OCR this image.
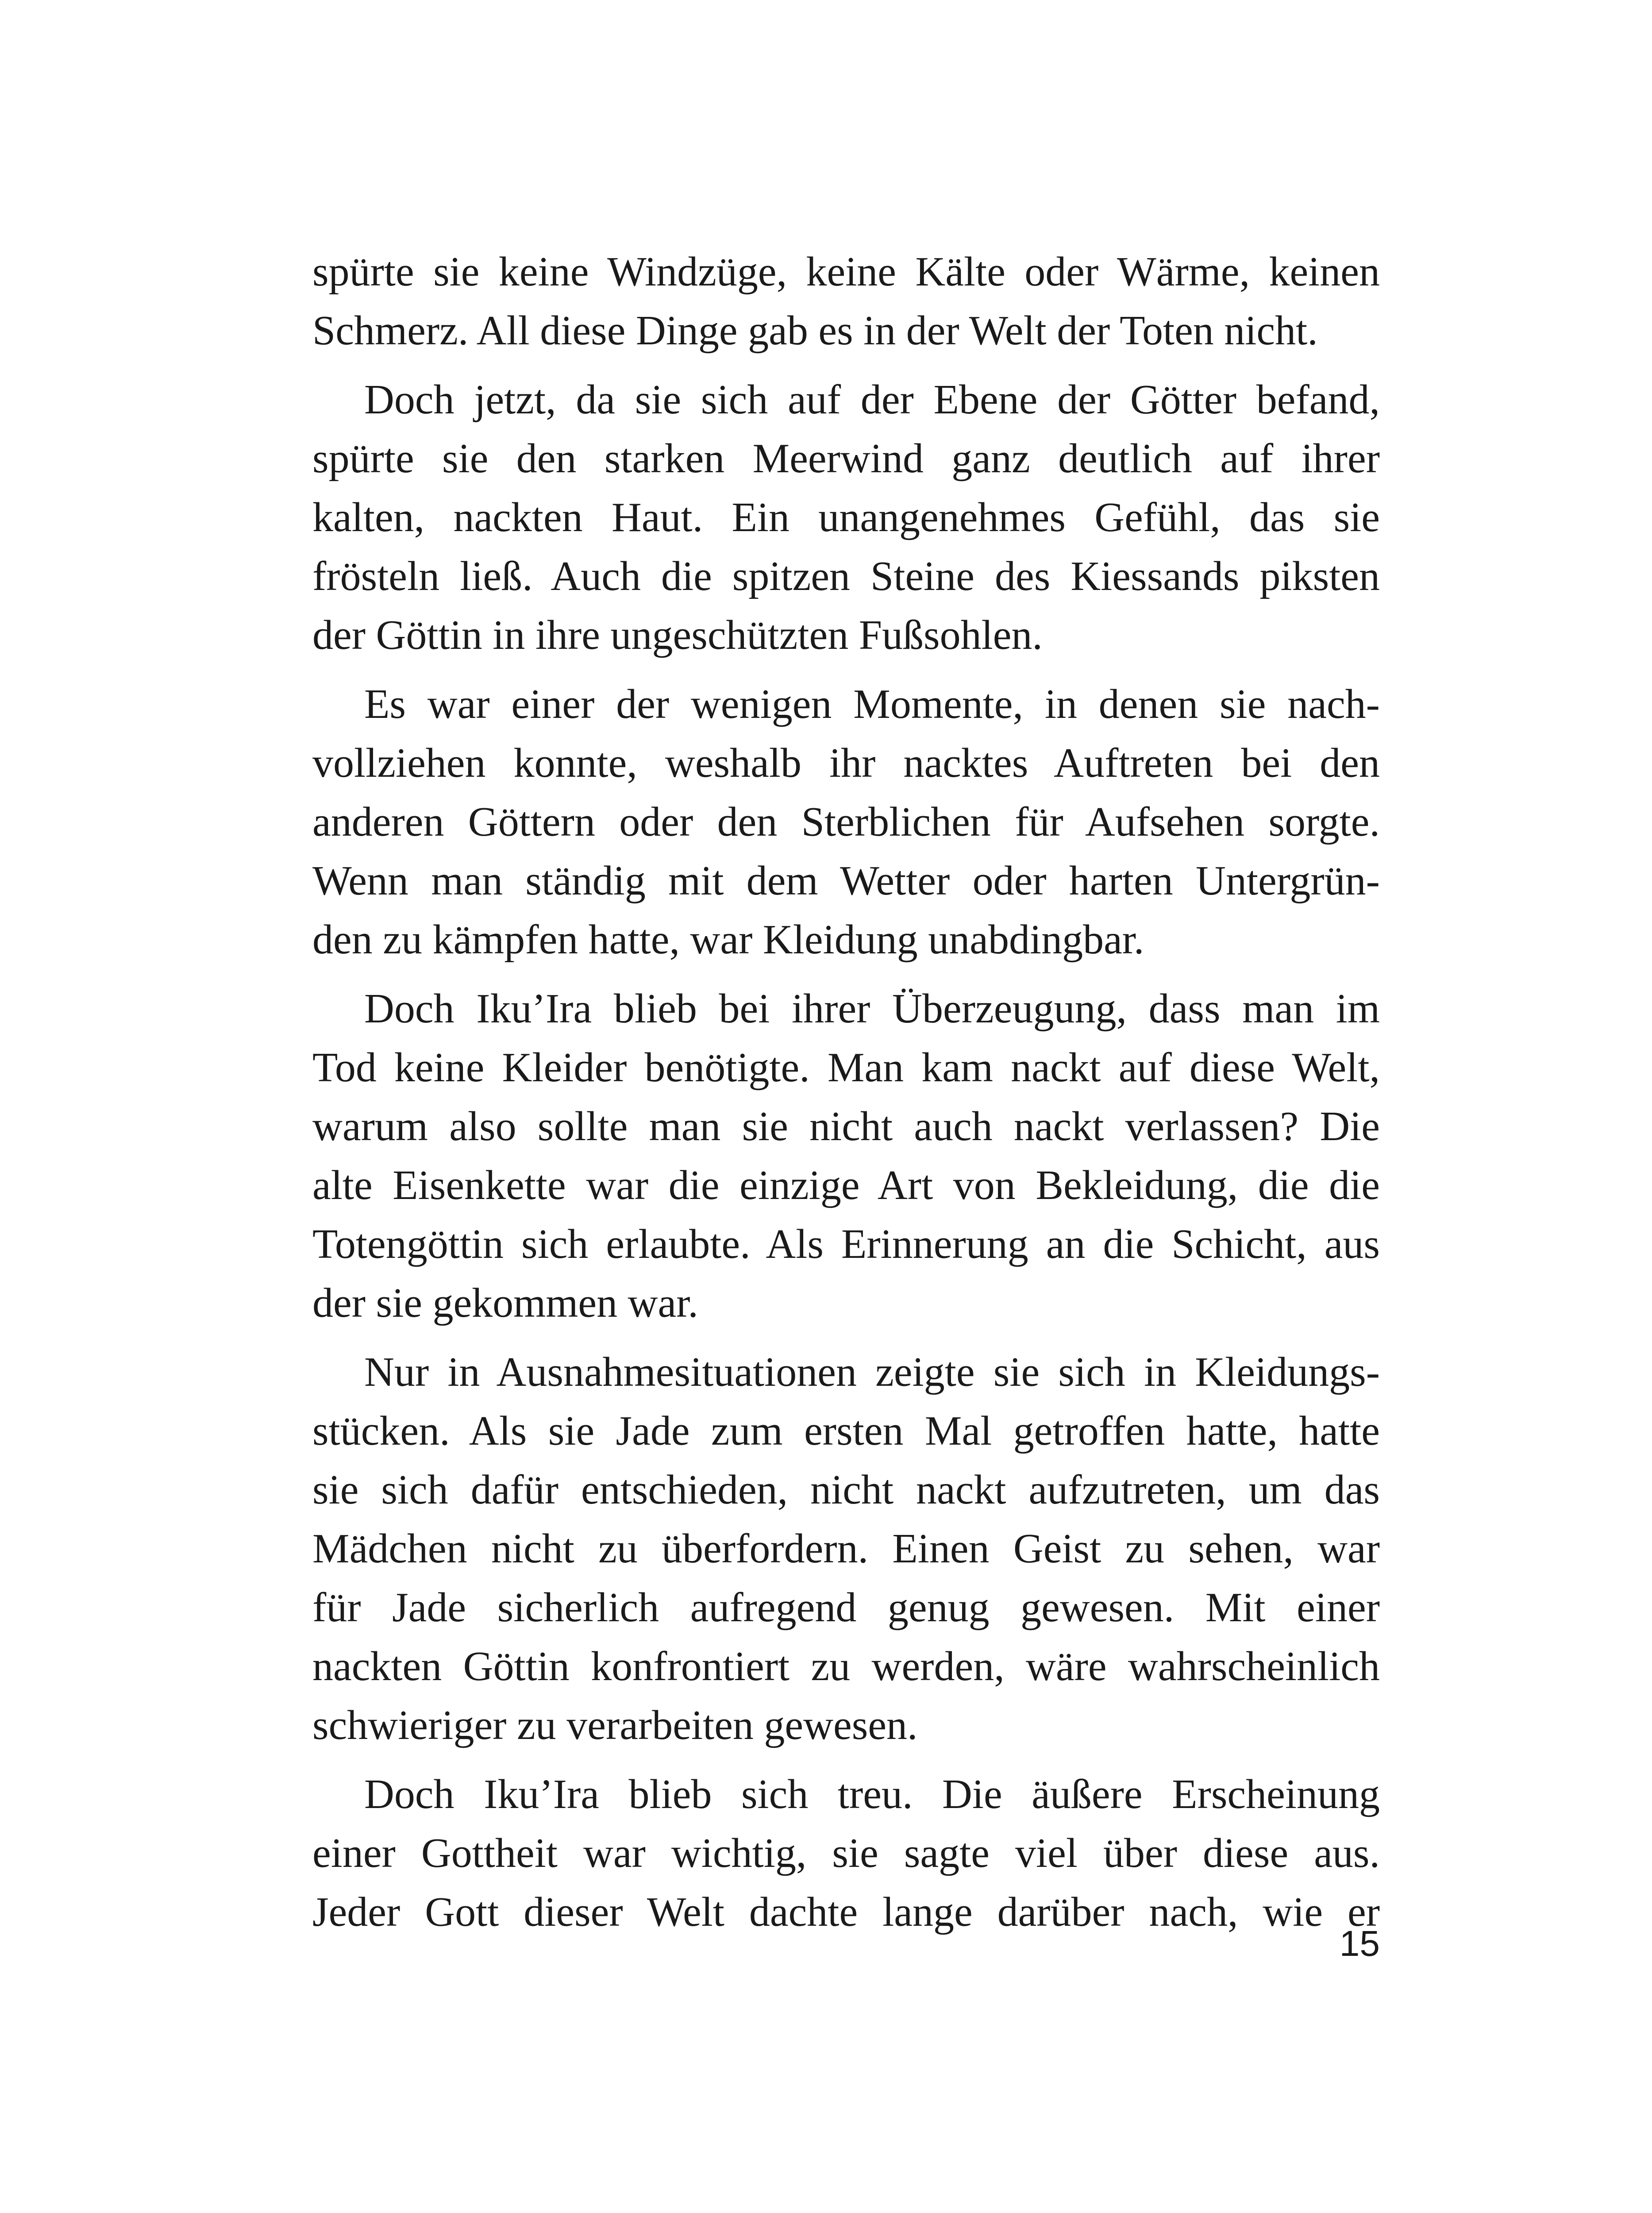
spürte sie keine Windzüge, keine Kälte oder Wärme, keinen
Schmerz. All diese Dinge gab es in der Welt der Toten nicht.
Doch jetzt, da sie sich auf der Ebene der Götter befand,
spürte sie den starken Meerwind ganz deutlich auf ihrer
kalten, nackten Haut. Ein unangenehmes Gefühl, das sie
frösteln ließ. Auch die spitzen Steine des Kiessands piksten
der Göttin in ihre ungeschützten Fußsohlen.
Es war einer der wenigen Momente, in denen sie nach-
vollziehen konnte, weshalb ihr nacktes Auftreten bei den
anderen Göttern oder den Sterblichen für Aufsehen sorgte.
Wenn man ständig mit dem Wetter oder harten Untergrün-
den zu kämpfen hatte, war Kleidung unabdingbar.
Doch Iku’Ira blieb bei ihrer Überzeugung, dass man im
Tod keine Kleider benötigte. Man kam nackt auf diese Welt,
warum also sollte man sie nicht auch nackt verlassen? Die
alte Eisenkette war die einzige Art von Bekleidung, die die
Totengöttin sich erlaubte. Als Erinnerung an die Schicht, aus
der sie gekommen war.
Nur in Ausnahmesituationen zeigte sie sich in Kleidungs-
stücken. Als sie Jade zum ersten Mal getroffen hatte, hatte
sie sich dafür entschieden, nicht nackt aufzutreten, um das
Mädchen nicht zu überfordern. Einen Geist zu sehen, war
für Jade sicherlich aufregend genug gewesen. Mit einer
nackten Göttin konfrontiert zu werden, wäre wahrscheinlich
schwieriger zu verarbeiten gewesen.
Doch Iku’Ira blieb sich treu. Die äußere Erscheinung
einer Gottheit war wichtig, sie sagte viel über diese aus.
Jeder Gott dieser Welt dachte lange darüber nach, wie er
15
